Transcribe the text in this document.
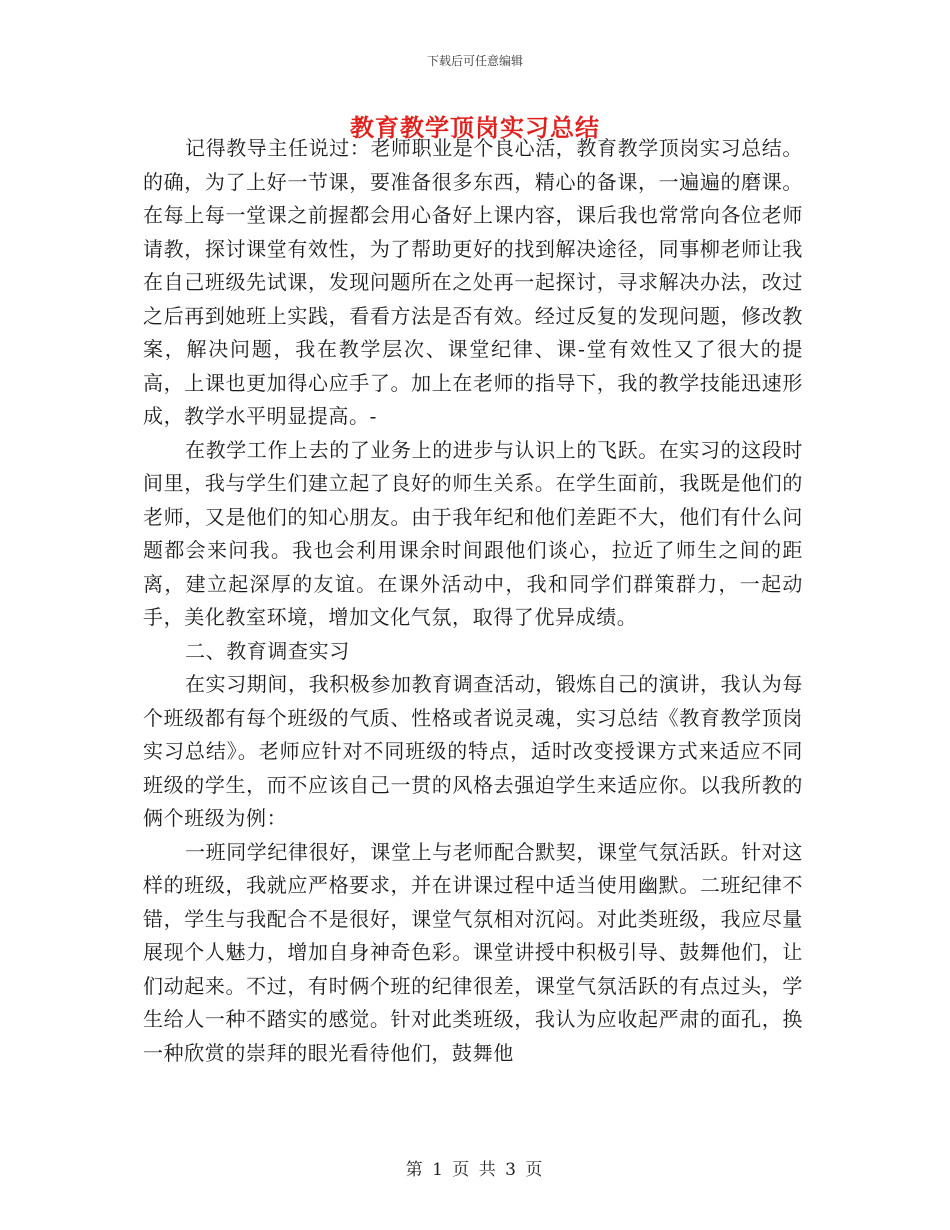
下载后可任意编辑
教育教学顶岗实习总结

记得教导主任说过：老师职业是个良心活，教育教学顶岗实习总结。的确，为了上好一节课，要准备很多东西，精心的备课，一遍遍的磨课。在每上每一堂课之前握都会用心备好上课内容，课后我也常常向各位老师请教，探讨课堂有效性，为了帮助更好的找到解决途径，同事柳老师让我在自己班级先试课，发现问题所在之处再一起探讨，寻求解决办法，改过之后再到她班上实践，看看方法是否有效。经过反复的发现问题，修改教案，解决问题，我在教学层次、课堂纪律、课-堂有效性又了很大的提高，上课也更加得心应手了。加上在老师的指导下，我的教学技能迅速形成，教学水平明显提高。-

在教学工作上去的了业务上的进步与认识上的飞跃。在实习的这段时间里，我与学生们建立起了良好的师生关系。在学生面前，我既是他们的老师，又是他们的知心朋友。由于我年纪和他们差距不大，他们有什么问题都会来问我。我也会利用课余时间跟他们谈心，拉近了师生之间的距离，建立起深厚的友谊。在课外活动中，我和同学们群策群力，一起动手，美化教室环境，增加文化气氛，取得了优异成绩。

二、教育调查实习

在实习期间，我积极参加教育调查活动，锻炼自己的演讲，我认为每个班级都有每个班级的气质、性格或者说灵魂，实习总结《教育教学顶岗实习总结》。老师应针对不同班级的特点，适时改变授课方式来适应不同班级的学生，而不应该自己一贯的风格去强迫学生来适应你。以我所教的俩个班级为例：

一班同学纪律很好，课堂上与老师配合默契，课堂气氛活跃。针对这样的班级，我就应严格要求，并在讲课过程中适当使用幽默。二班纪律不错，学生与我配合不是很好，课堂气氛相对沉闷。对此类班级，我应尽量展现个人魅力，增加自身神奇色彩。课堂讲授中积极引导、鼓舞他们，让们动起来。不过，有时俩个班的纪律很差，课堂气氛活跃的有点过头，学生给人一种不踏实的感觉。针对此类班级，我认为应收起严肃的面孔，换一种欣赏的崇拜的眼光看待他们，鼓舞他

第 1 页 共 3 页
